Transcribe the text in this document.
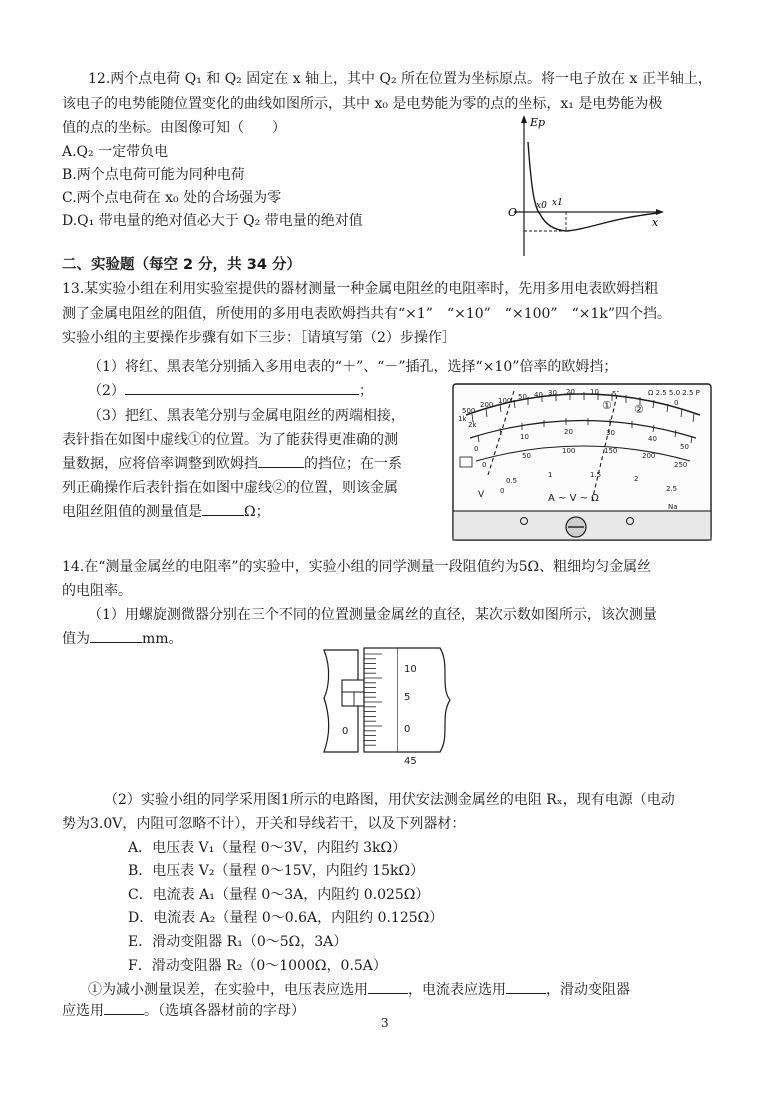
12.两个点电荷 Q₁ 和 Q₂ 固定在 x 轴上，其中 Q₂ 所在位置为坐标原点。将一电子放在 x 正半轴上，
该电子的电势能随位置变化的曲线如图所示，其中 x₀ 是电势能为零的点的坐标，x₁ 是电势能为极
值的点的坐标。由图像可知（　　）
A.Q₂ 一定带负电
B.两个点电荷可能为同种电荷
C.两个点电荷在 x₀ 处的合场强为零
D.Q₁ 带电量的绝对值必大于 Q₂ 带电量的绝对值
Ep
x
O x0 x1
二、实验题（每空 2 分，共 34 分）
13.某实验小组在利用实验室提供的器材测量一种金属电阻丝的电阻率时，先用多用电表欧姆挡粗
测了金属电阻丝的阻值，所使用的多用电表欧姆挡共有“×1”　“×10”　“×100”　“×1k”四个挡。
实验小组的主要操作步骤有如下三步：［请填写第（2）步操作］
（1）将红、黑表笔分别插入多用电表的“＋”、“－”插孔，选择“×10”倍率的欧姆挡；
（2）	；
（3）把红、黑表笔分别与金属电阻丝的两端相接，
表针指在如图中虚线①的位置。为了能获得更准确的测
量数据，应将倍率调整到欧姆挡	的挡位；在一系
列正确操作后表针指在如图中虚线②的位置，则该金属
电阻丝阻值的测量值是	Ω；
200 100 50 40 30 20 10 5
0
500
1k
2k
0
10
20	30
40
50
0
50
100	150
200
250
0
0.5
1	1.5	2
2.5
Ω 2.5 5.0 2.5 P
Na
A ~ V ~ Ω
① ②
V
14.在“测量金属丝的电阻率”的实验中，实验小组的同学测量一段阻值约为5Ω、粗细均匀金属丝
的电阻率。
（1）用螺旋测微器分别在三个不同的位置测量金属丝的直径，某次示数如图所示，该次测量
值为	mm。
10
5
0
45
0
（2）实验小组的同学采用图1所示的电路图，用伏安法测金属丝的电阻 Rₓ，现有电源（电动
势为3.0V，内阻可忽略不计），开关和导线若干，以及下列器材：
A．电压表 V₁（量程 0～3V，内阻约 3kΩ）
B．电压表 V₂（量程 0～15V，内阻约 15kΩ）
C．电流表 A₁（量程 0～3A，内阻约 0.025Ω）
D．电流表 A₂（量程 0～0.6A，内阻约 0.125Ω）
E．滑动变阻器 R₁（0～5Ω，3A）
F．滑动变阻器 R₂（0～1000Ω，0.5A）
①为减小测量误差，在实验中，电压表应选用	，电流表应选用	，滑动变阻器
应选用	。（选填各器材前的字母）
3
